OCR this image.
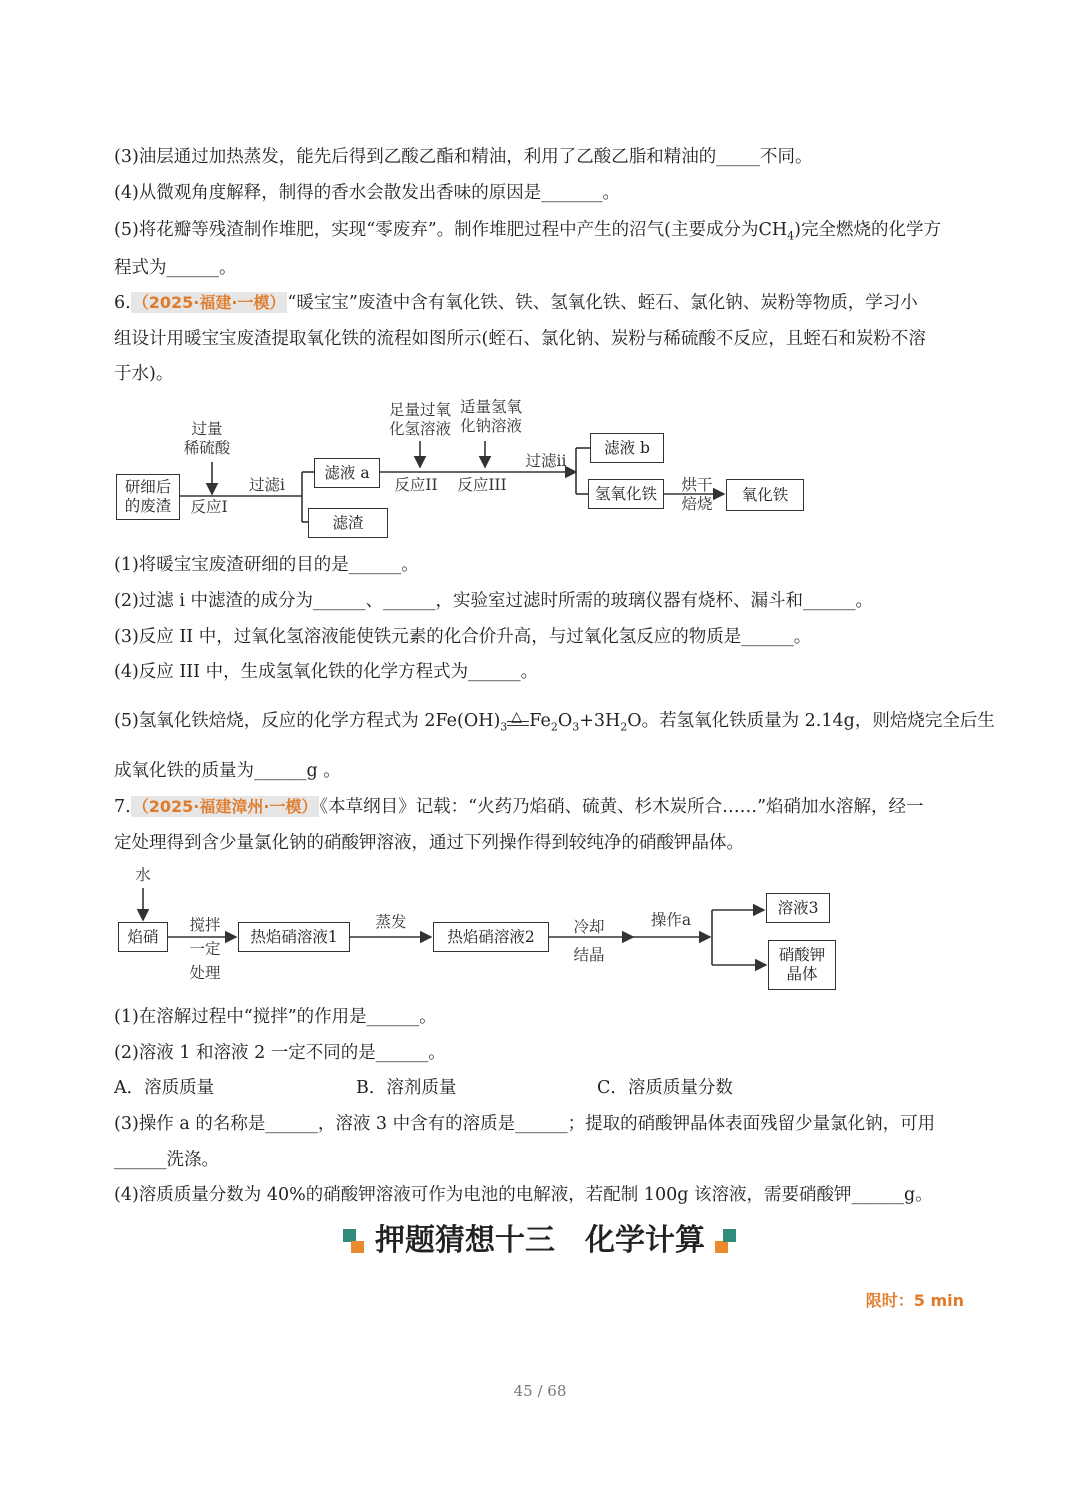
(3)油层通过加热蒸发，能先后得到乙酸乙酯和精油，利用了乙酸乙脂和精油的_____不同。
(4)从微观角度解释，制得的香水会散发出香味的原因是_______。
(5)将花瓣等残渣制作堆肥，实现“零废弃”。制作堆肥过程中产生的沼气(主要成分为$CH_4$)完全燃烧的化学方
程式为______。
6. （2025·福建·一模） “暖宝宝”废渣中含有氧化铁、铁、氢氧化铁、蛭石、氯化钠、炭粉等物质，学习小
组设计用暖宝宝废渣提取氧化铁的流程如图所示(蛭石、氯化钠、炭粉与稀硫酸不反应，且蛭石和炭粉不溶
于水)。
过量
稀硫酸
研细后
的废渣 反应I
过滤i
滤液 a
滤渣
足量过氧
化氢溶液
适量氢氧
化钠溶液
反应II 反应III
过滤ii
滤液 b
氢氧化铁	烘干
焙烧
氧化铁
(1)将暖宝宝废渣研细的目的是______。
(2)过滤 i 中滤渣的成分为______、______，实验室过滤时所需的玻璃仪器有烧杯、漏斗和______。
(3)反应 II 中，过氧化氢溶液能使铁元素的化合价升高，与过氧化氢反应的物质是______。
(4)反应 III 中，生成氢氧化铁的化学方程式为______。
(5)氢氧化铁焙烧，反应的化学方程式为 $2Fe(OH)_3$
△ $Fe_2O_3+3H_2O$。若氢氧化铁质量为 2.14g，则焙烧完全后生
成氧化铁的质量为______g 。
7. （2025·福建漳州·一模） 《本草纲目》记载：“火药乃焰硝、硫黄、杉木炭所合……”焰硝加水溶解，经一
定处理得到含少量氯化钠的硝酸钾溶液，通过下列操作得到较纯净的硝酸钾晶体。
水
焰硝
搅拌
一定
处理
热焰硝溶液1
蒸发
热焰硝溶液2
冷却
结晶
操作a
溶液3
硝酸钾
晶体
(1)在溶解过程中“搅拌”的作用是______。
(2)溶液 1 和溶液 2 一定不同的是______。
A．溶质质量	B．溶剂质量	C．溶质质量分数
(3)操作 a 的名称是______，溶液 3 中含有的溶质是______；提取的硝酸钾晶体表面残留少量氯化钠，可用
______洗涤。
(4)溶质质量分数为 40%的硝酸钾溶液可作为电池的电解液，若配制 100g 该溶液，需要硝酸钾______g。
押题猜想十三　化学计算
限时：5 min
45 / 68
